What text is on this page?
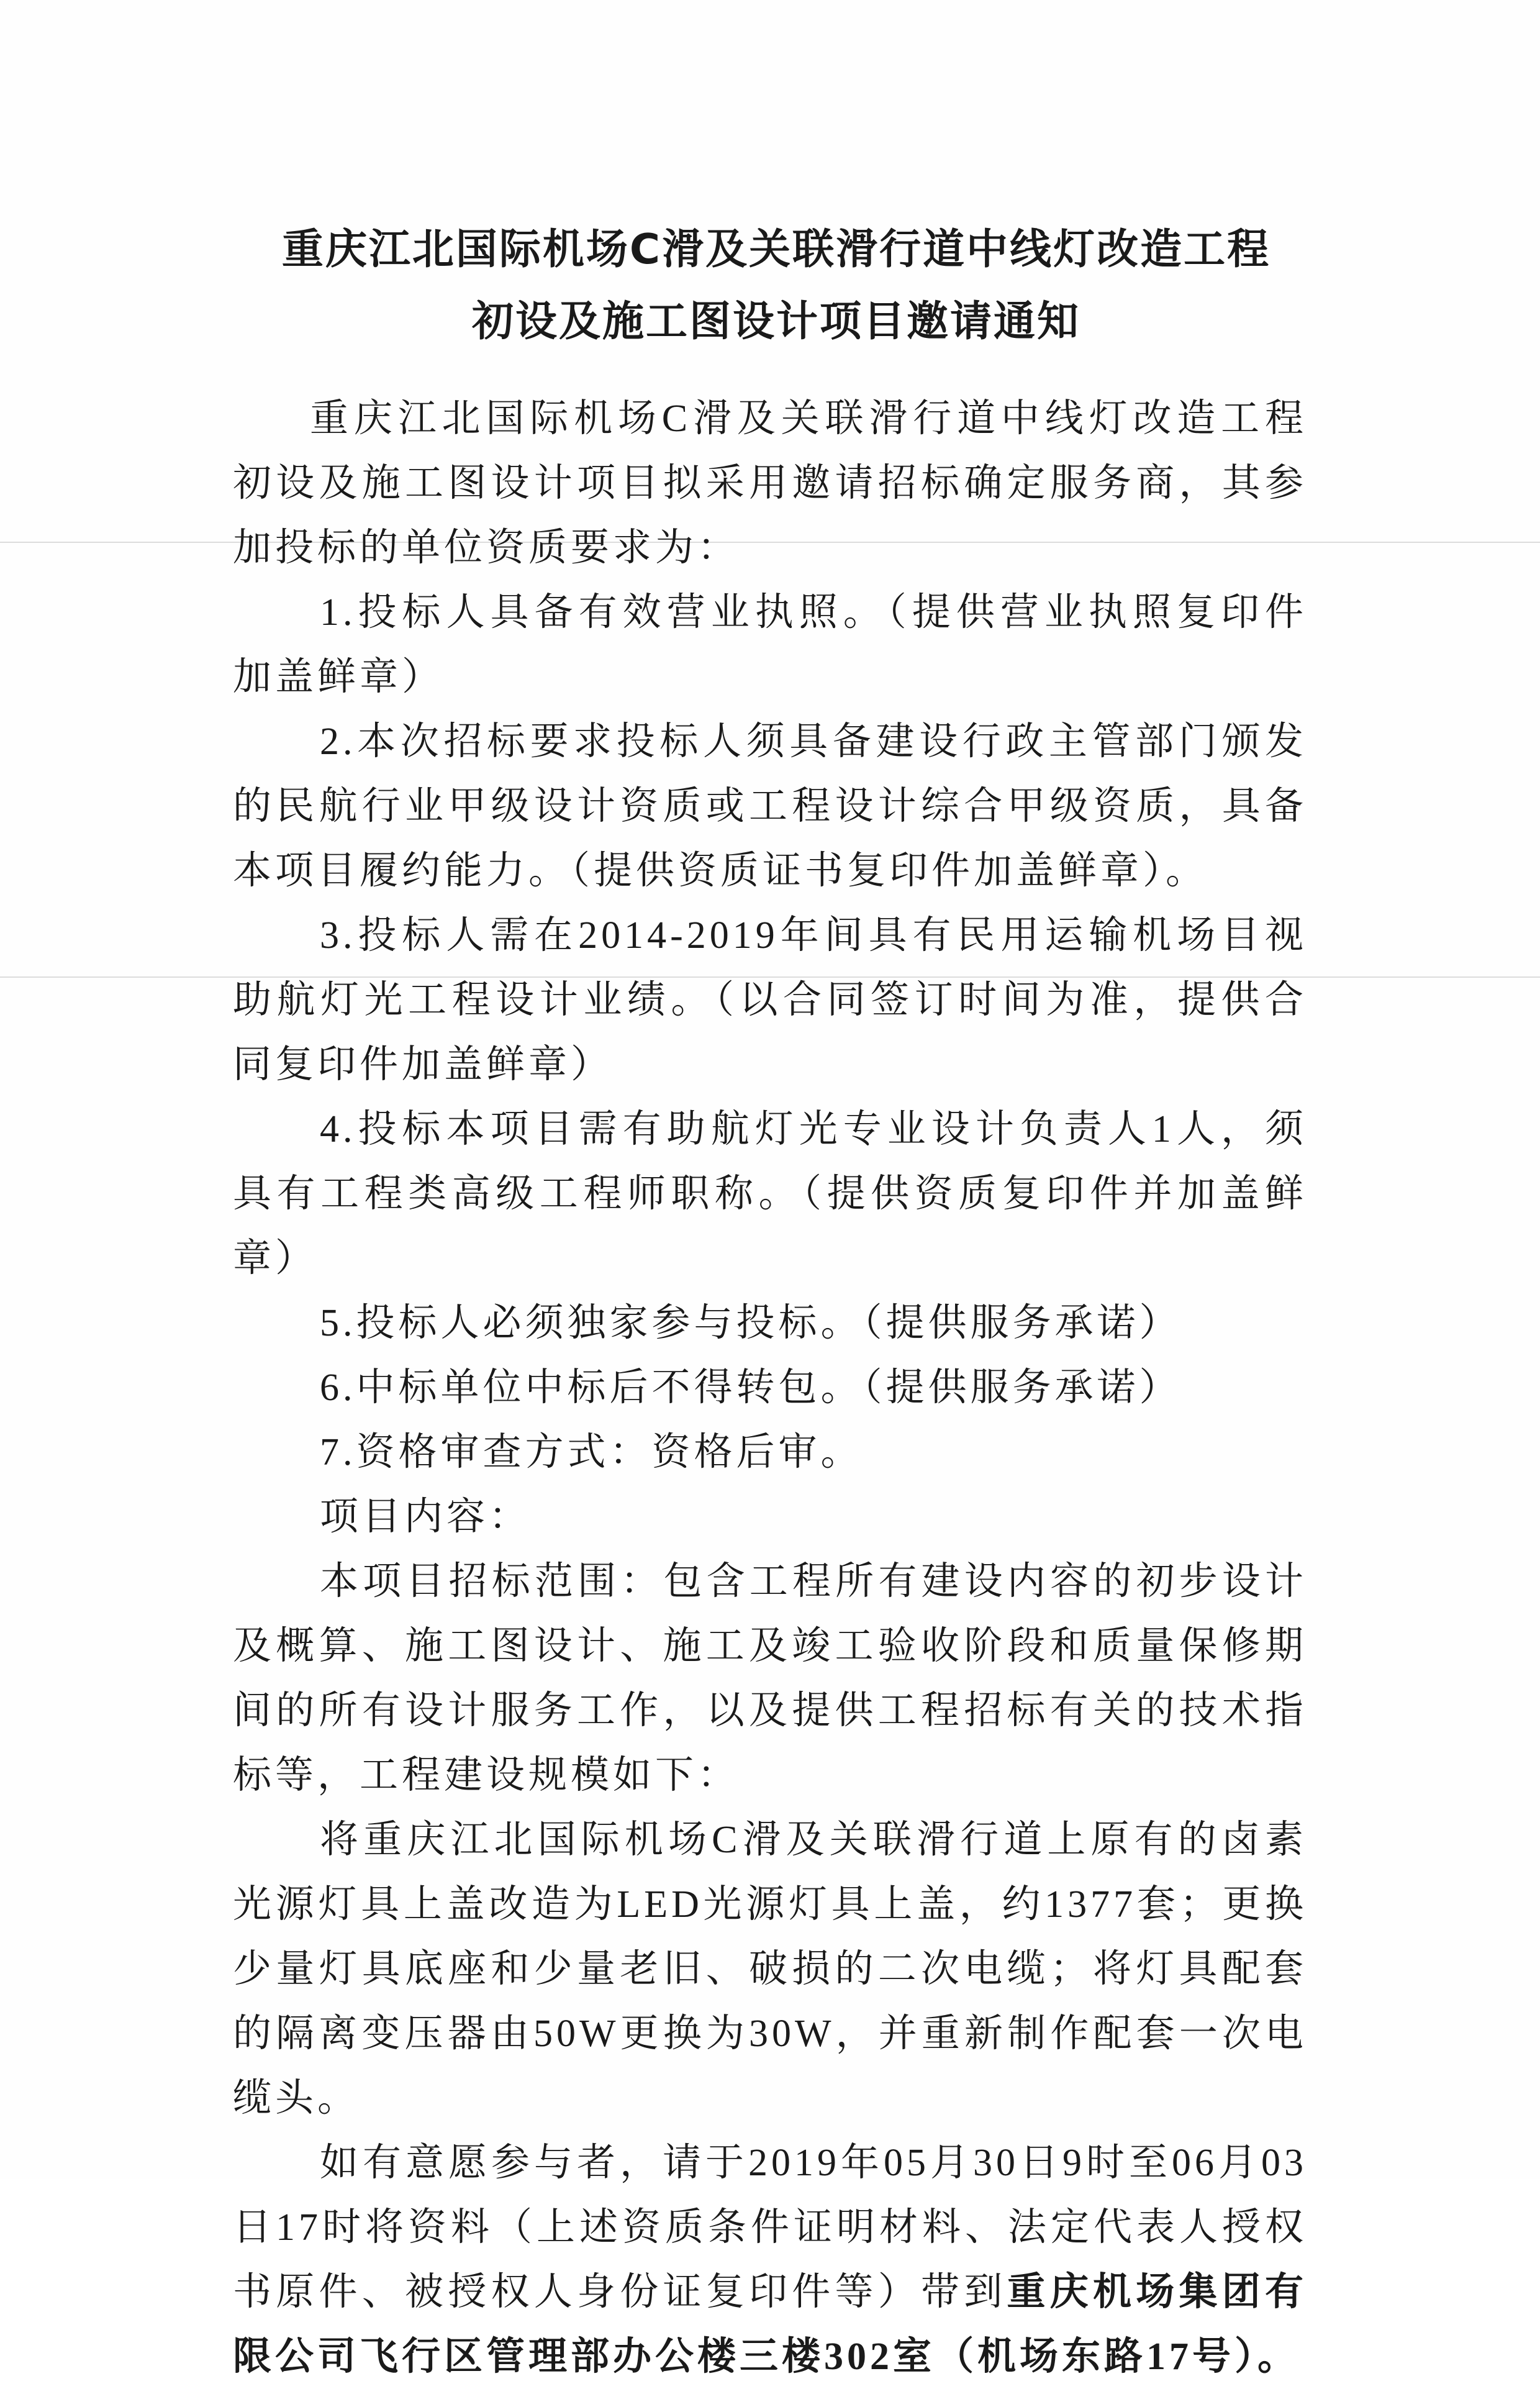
重庆江北国际机场C滑及关联滑行道中线灯改造工程
初设及施工图设计项目邀请通知

重庆江北国际机场C滑及关联滑行道中线灯改造工程初设及施工图设计项目拟采用邀请招标确定服务商，其参加投标的单位资质要求为：

1.投标人具备有效营业执照。（提供营业执照复印件加盖鲜章）

2.本次招标要求投标人须具备建设行政主管部门颁发的民航行业甲级设计资质或工程设计综合甲级资质，具备本项目履约能力。（提供资质证书复印件加盖鲜章）。

3.投标人需在2014-2019年间具有民用运输机场目视助航灯光工程设计业绩。（以合同签订时间为准，提供合同复印件加盖鲜章）

4.投标本项目需有助航灯光专业设计负责人1人，须具有工程类高级工程师职称。（提供资质复印件并加盖鲜章）

5.投标人必须独家参与投标。（提供服务承诺）

6.中标单位中标后不得转包。（提供服务承诺）

7.资格审查方式：资格后审。

项目内容：

本项目招标范围：包含工程所有建设内容的初步设计及概算、施工图设计、施工及竣工验收阶段和质量保修期间的所有设计服务工作，以及提供工程招标有关的技术指标等，工程建设规模如下：

将重庆江北国际机场C滑及关联滑行道上原有的卤素光源灯具上盖改造为LED光源灯具上盖，约1377套；更换少量灯具底座和少量老旧、破损的二次电缆；将灯具配套的隔离变压器由50W更换为30W，并重新制作配套一次电缆头。

如有意愿参与者，请于2019年05月30日9时至06月03日17时将资料（上述资质条件证明材料、法定代表人授权书原件、被授权人身份证复印件等）带到重庆机场集团有限公司飞行区管理部办公楼三楼302室（机场东路17号）。
